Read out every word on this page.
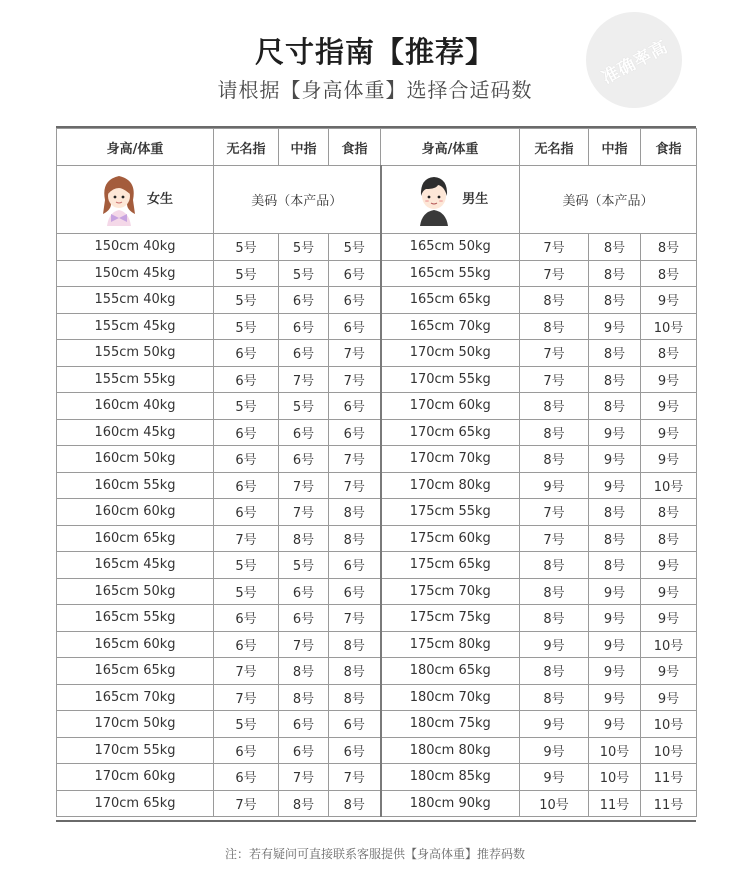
尺寸指南【推荐】
请根据【身高体重】选择合适码数
准确率高
身高/体重	无名指	中指	食指	身高/体重	无名指	中指	食指

女生	美码（本产品）			男生	美码（本产品）		
150cm 40kg	5号	5号	5号	165cm 50kg	7号	8号	8号
150cm 45kg	5号	5号	6号	165cm 55kg	7号	8号	8号
155cm 40kg	5号	6号	6号	165cm 65kg	8号	8号	9号
155cm 45kg	5号	6号	6号	165cm 70kg	8号	9号	10号
155cm 50kg	6号	6号	7号	170cm 50kg	7号	8号	8号
155cm 55kg	6号	7号	7号	170cm 55kg	7号	8号	9号
160cm 40kg	5号	5号	6号	170cm 60kg	8号	8号	9号
160cm 45kg	6号	6号	6号	170cm 65kg	8号	9号	9号
160cm 50kg	6号	6号	7号	170cm 70kg	8号	9号	9号
160cm 55kg	6号	7号	7号	170cm 80kg	9号	9号	10号
160cm 60kg	6号	7号	8号	175cm 55kg	7号	8号	8号
160cm 65kg	7号	8号	8号	175cm 60kg	7号	8号	8号
165cm 45kg	5号	5号	6号	175cm 65kg	8号	8号	9号
165cm 50kg	5号	6号	6号	175cm 70kg	8号	9号	9号
165cm 55kg	6号	6号	7号	175cm 75kg	8号	9号	9号
165cm 60kg	6号	7号	8号	175cm 80kg	9号	9号	10号
165cm 65kg	7号	8号	8号	180cm 65kg	8号	9号	9号
165cm 70kg	7号	8号	8号	180cm 70kg	8号	9号	9号
170cm 50kg	5号	6号	6号	180cm 75kg	9号	9号	10号
170cm 55kg	6号	6号	6号	180cm 80kg	9号	10号	10号
170cm 60kg	6号	7号	7号	180cm 85kg	9号	10号	11号
170cm 65kg	7号	8号	8号	180cm 90kg	10号	11号	11号
注：若有疑问可直接联系客服提供【身高体重】推荐码数
